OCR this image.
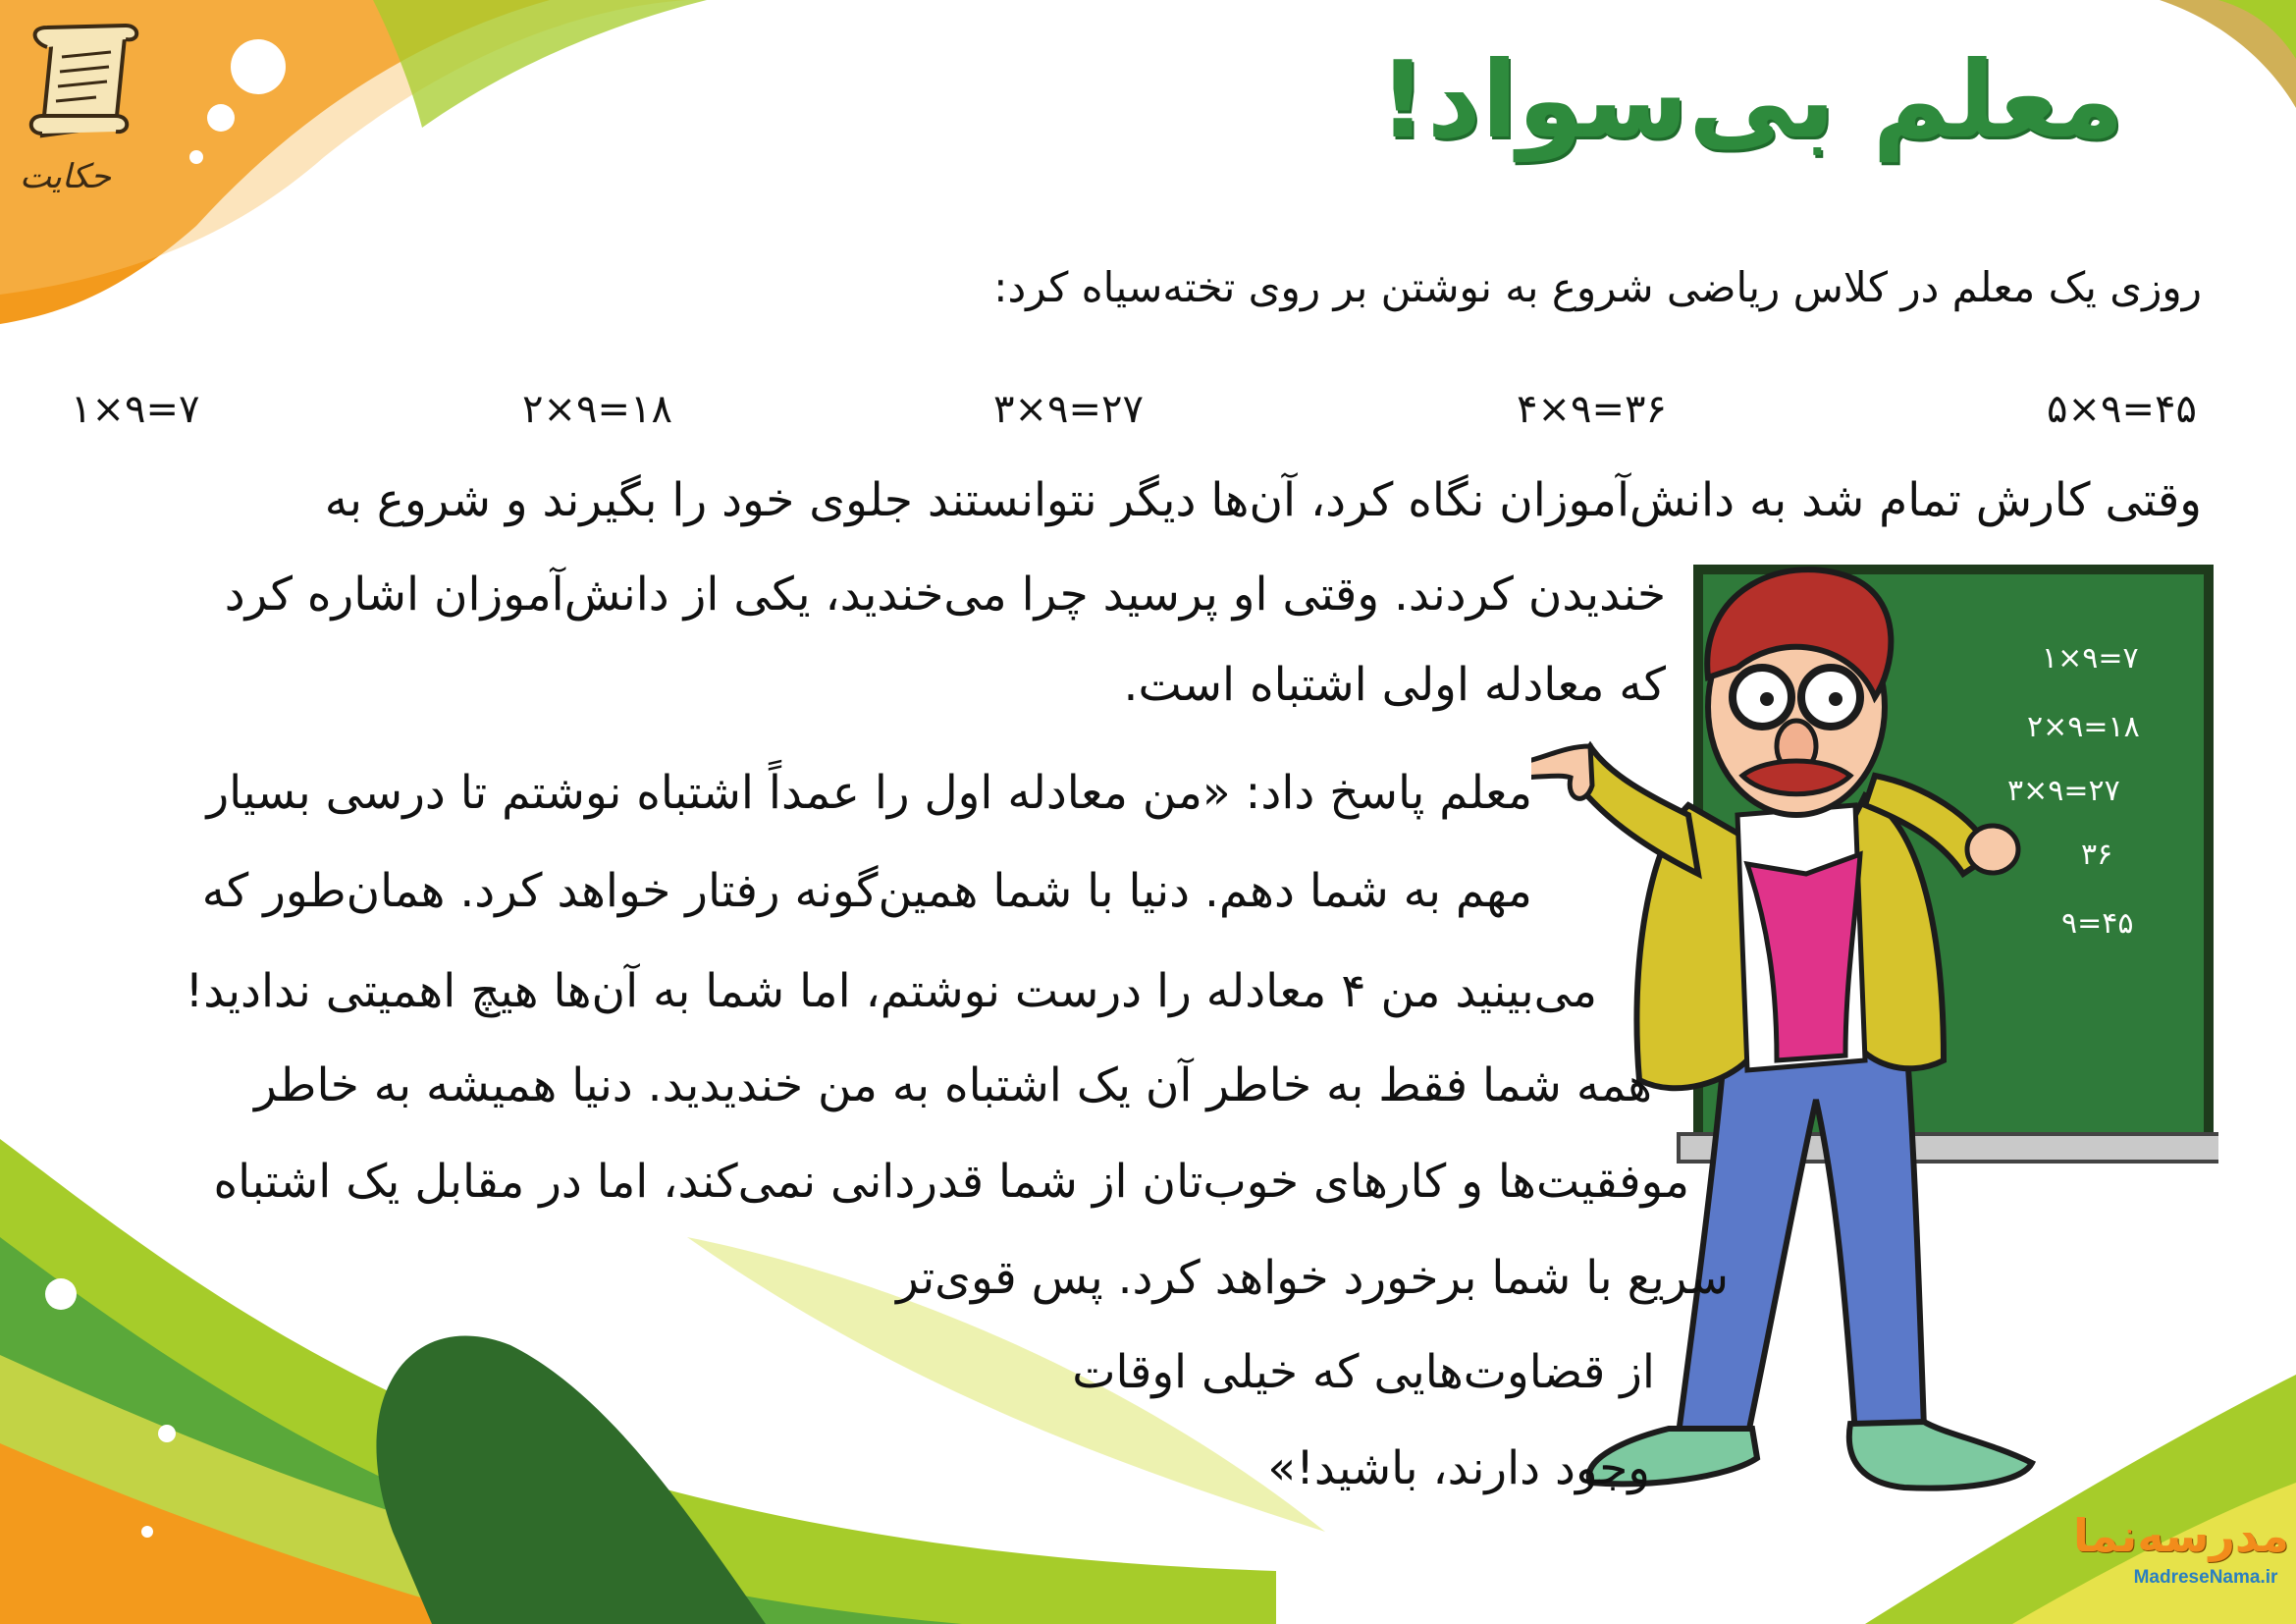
حکایت
معلم بی‌سواد!
روزی یک معلم در کلاس ریاضی شروع به نوشتن بر روی تخته‌سیاه کرد:
۵×۹=۴۵
۴×۹=۳۶
۳×۹=۲۷
۲×۹=۱۸
۱×۹=۷
۱×۹=۷
۲×۹=۱۸
۳×۹=۲۷
۳۶
۹=۴۵
وقتی کارش تمام شد به دانش‌آموزان نگاه کرد، آن‌ها دیگر نتوانستند جلوی خود را بگیرند و شروع به
خندیدن کردند. وقتی او پرسید چرا می‌خندید، یکی از دانش‌آموزان اشاره کرد
که معادله اولی اشتباه است.
معلم پاسخ داد: «من معادله اول را عمداً اشتباه نوشتم تا درسی بسیار
مهم به شما دهم. دنیا با شما همین‌گونه رفتار خواهد کرد. همان‌طور که
می‌بینید من ۴ معادله را درست نوشتم، اما شما به آن‌ها هیچ اهمیتی ندادید!
همه شما فقط به خاطر آن یک اشتباه به من خندیدید. دنیا همیشه به خاطر
موفقیت‌ها و کارهای خوب‌تان از شما قدردانی نمی‌کند، اما در مقابل یک اشتباه
سریع با شما برخورد خواهد کرد. پس قوی‌تر
از قضاوت‌هایی که خیلی اوقات
وجود دارند، باشید!»
مدرسه‌نما
MadreseNama.ir
